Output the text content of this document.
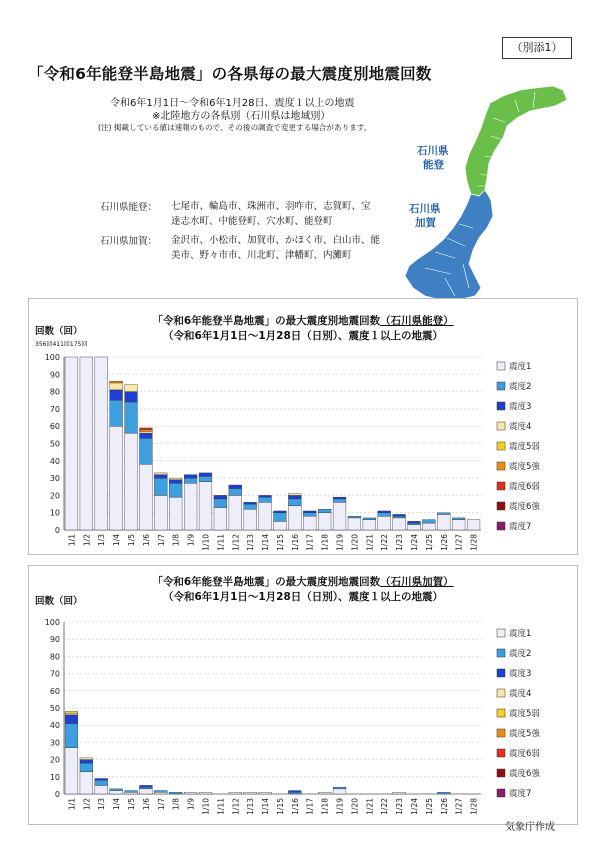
（別添1）
「令和6年能登半島地震」の各県毎の最大震度別地震回数
令和6年1月1日～令和6年1月28日、震度１以上の地震
※北陸地方の各県別（石川県は地域別）
(注) 掲載している値は速報のもので、その後の調査で変更する場合があります。
石川県能登： 七尾市、輪島市、珠洲市、羽咋市、志賀町、宝達志水町、中能登町、穴水町、能登町
石川県加賀： 金沢市、小松市、加賀市、かほく市、白山市、能美市、野々市市、川北町、津幡町、内灘町
石川県
能登
石川県
加賀
「令和6年能登半島地震」の最大震度別地震回数（石川県能登）
（令和6年1月1日～1月28日（日別）、震度１以上の地震）
回数（回）
356回411回175回
0
10
20
30
40
50
60
70
80
90
100
1/1 1/2 1/3 1/4 1/5 1/6 1/7 1/8 1/9 1/10 1/11 1/12 1/13 1/14 1/15 1/16 1/17 1/18 1/19 1/20 1/21 1/22 1/23 1/24 1/25 1/26 1/27 1/28
震度1
震度2
震度3
震度4
震度5弱
震度5強
震度6弱
震度6強
震度7
「令和6年能登半島地震」の最大震度別地震回数（石川県加賀）
（令和6年1月1日～1月28日（日別）、震度１以上の地震）
回数（回）
0
10
20
30
40
50
60
70
80
90
100
1/1 1/2 1/3 1/4 1/5 1/6 1/7 1/8 1/9 1/10 1/11 1/12 1/13 1/14 1/15 1/16 1/17 1/18 1/19 1/20 1/21 1/22 1/23 1/24 1/25 1/26 1/27 1/28
震度1
震度2
震度3
震度4
震度5弱
震度5強
震度6弱
震度6強
震度7
気象庁作成
